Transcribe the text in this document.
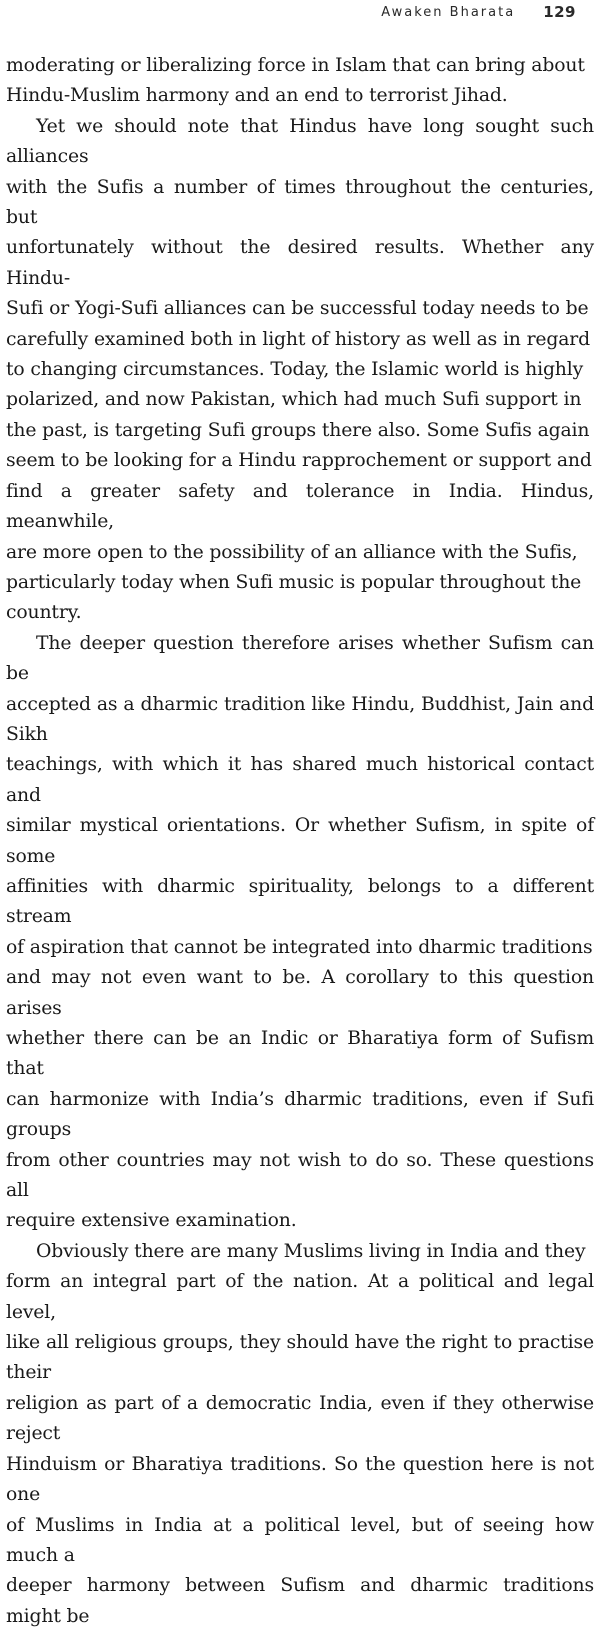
Awaken Bharata 129

moderating or liberalizing force in Islam that can bring about
Hindu-Muslim harmony and an end to terrorist Jihad.

Yet we should note that Hindus have long sought such alliances
with the Sufis a number of times throughout the centuries, but
unfortunately without the desired results. Whether any Hindu-
Sufi or Yogi-Sufi alliances can be successful today needs to be
carefully examined both in light of history as well as in regard
to changing circumstances. Today, the Islamic world is highly
polarized, and now Pakistan, which had much Sufi support in
the past, is targeting Sufi groups there also. Some Sufis again
seem to be looking for a Hindu rapprochement or support and
find a greater safety and tolerance in India. Hindus, meanwhile,
are more open to the possibility of an alliance with the Sufis,
particularly today when Sufi music is popular throughout the
country.

The deeper question therefore arises whether Sufism can be
accepted as a dharmic tradition like Hindu, Buddhist, Jain and Sikh
teachings, with which it has shared much historical contact and
similar mystical orientations. Or whether Sufism, in spite of some
affinities with dharmic spirituality, belongs to a different stream
of aspiration that cannot be integrated into dharmic traditions
and may not even want to be. A corollary to this question arises
whether there can be an Indic or Bharatiya form of Sufism that
can harmonize with India’s dharmic traditions, even if Sufi groups
from other countries may not wish to do so. These questions all
require extensive examination.

Obviously there are many Muslims living in India and they
form an integral part of the nation. At a political and legal level,
like all religious groups, they should have the right to practise their
religion as part of a democratic India, even if they otherwise reject
Hinduism or Bharatiya traditions. So the question here is not one
of Muslims in India at a political level, but of seeing how much a
deeper harmony between Sufism and dharmic traditions might be
